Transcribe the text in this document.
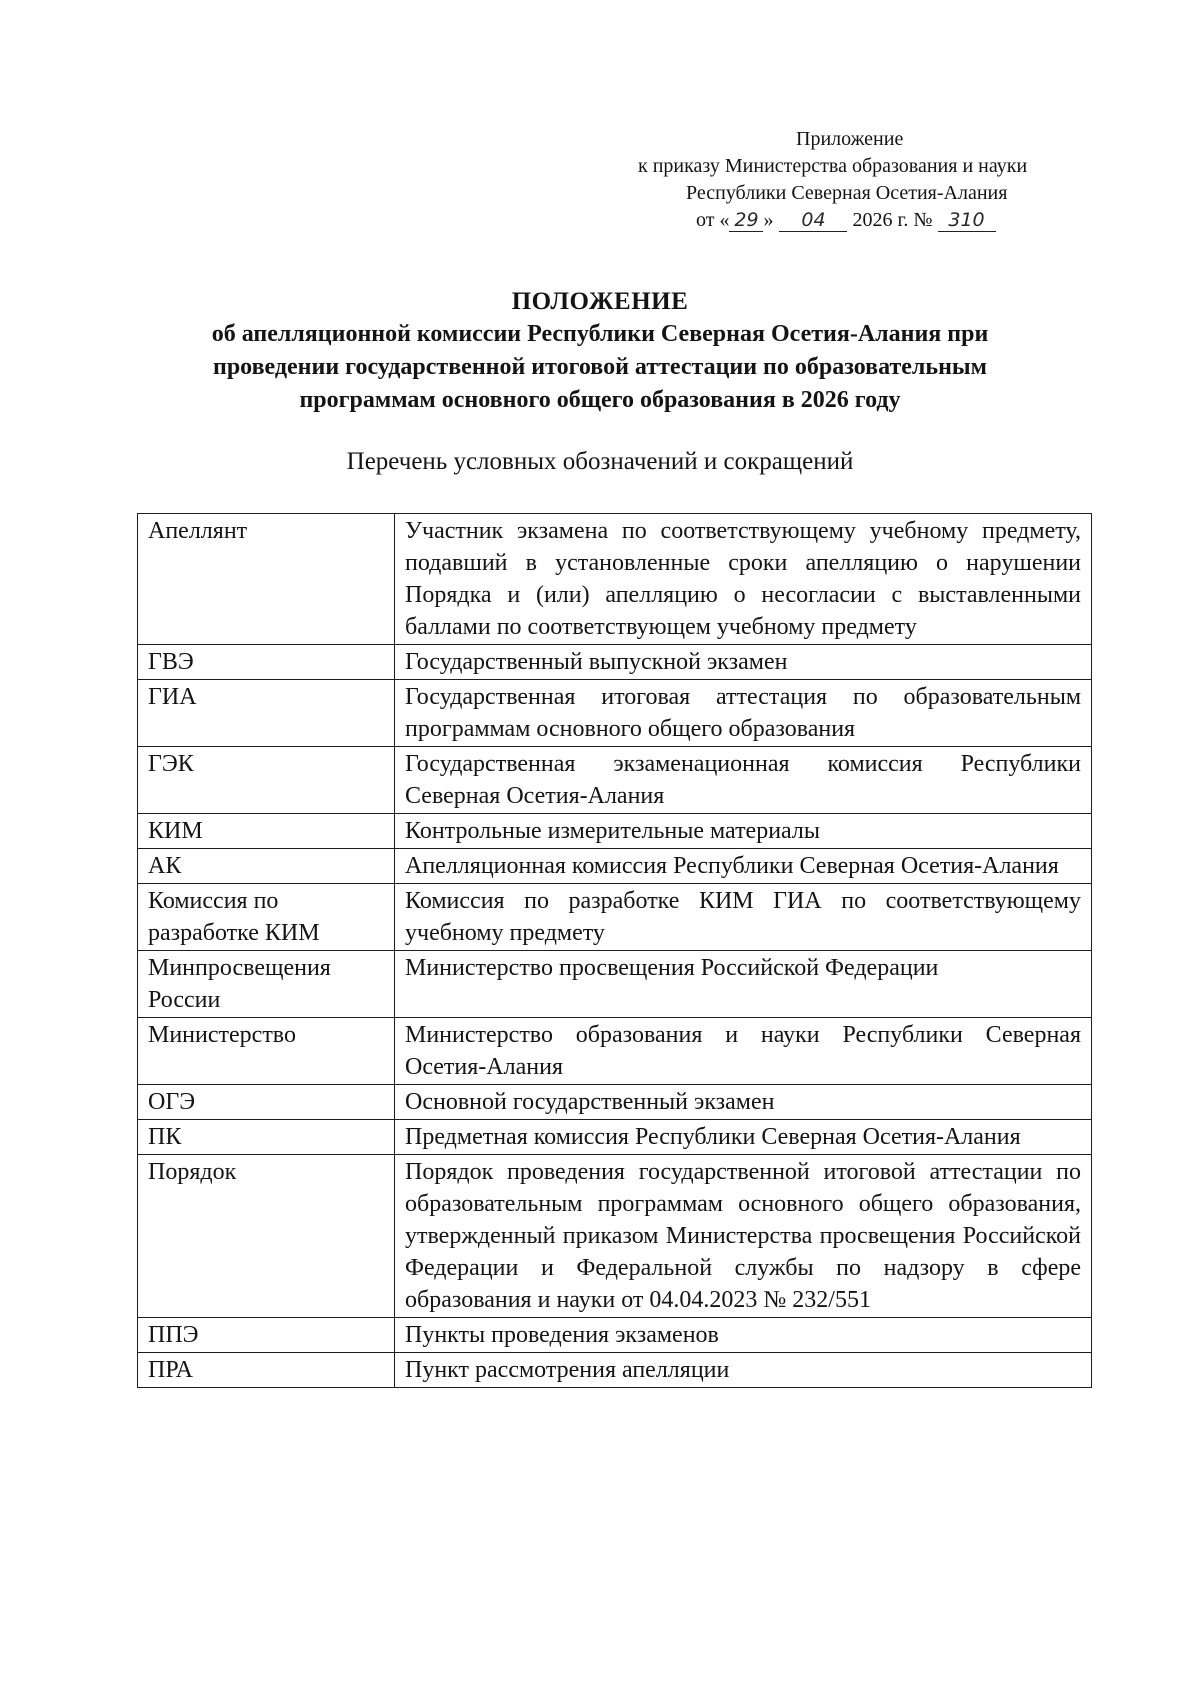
Приложение
к приказу Министерства образования и науки
Республики Северная Осетия-Алания
от « 29 » 04 2026 г. № 310
ПОЛОЖЕНИЕ
об апелляционной комиссии Республики Северная Осетия-Алания при
проведении государственной итоговой аттестации по образовательным
программам основного общего образования в 2026 году
Перечень условных обозначений и сокращений
Апеллянт	Участник экзамена по соответствующему учебному предмету, подавший в установленные сроки апелляцию о нарушении Порядка и (или) апелляцию о несогласии с выставленными баллами по соответствующем учебному предмету
ГВЭ	Государственный выпускной экзамен
ГИА	Государственная итоговая аттестация по образовательным программам основного общего образования
ГЭК	Государственная экзаменационная комиссия Республики Северная Осетия-Алания
КИМ	Контрольные измерительные материалы
АК	Апелляционная комиссия Республики Северная Осетия-Алания
Комиссия по разработке КИМ	Комиссия по разработке КИМ ГИА по соответствующему учебному предмету
Минпросвещения России	Министерство просвещения Российской Федерации
Министерство	Министерство образования и науки Республики Северная Осетия-Алания
ОГЭ	Основной государственный экзамен
ПК	Предметная комиссия Республики Северная Осетия-Алания
Порядок	Порядок проведения государственной итоговой аттестации по образовательным программам основного общего образования, утвержденный приказом Министерства просвещения Российской Федерации и Федеральной службы по надзору в сфере образования и науки от 04.04.2023 № 232/551
ППЭ	Пункты проведения экзаменов
ПРА	Пункт рассмотрения апелляции
